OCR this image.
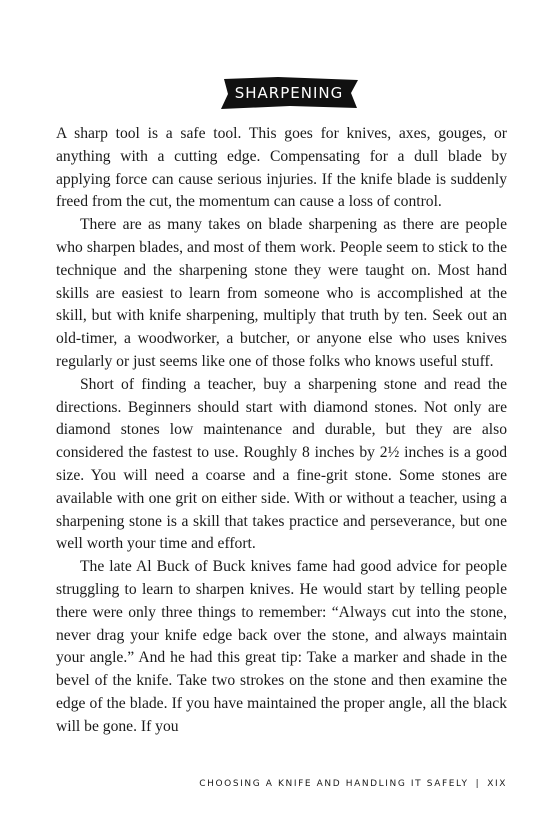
SHARPENING

A sharp tool is a safe tool. This goes for knives, axes, gouges, or anything with a cutting edge. Compensating for a dull blade by applying force can cause serious injuries. If the knife blade is suddenly freed from the cut, the momentum can cause a loss of control.

There are as many takes on blade sharpening as there are people who sharpen blades, and most of them work. People seem to stick to the technique and the sharpening stone they were taught on. Most hand skills are easiest to learn from someone who is accomplished at the skill, but with knife sharpening, multiply that truth by ten. Seek out an old-timer, a woodworker, a butcher, or anyone else who uses knives regularly or just seems like one of those folks who knows useful stuff.

Short of finding a teacher, buy a sharpening stone and read the directions. Beginners should start with diamond stones. Not only are diamond stones low maintenance and durable, but they are also considered the fastest to use. Roughly 8 inches by 2½ inches is a good size. You will need a coarse and a fine-grit stone. Some stones are available with one grit on either side. With or without a teacher, using a sharpening stone is a skill that takes practice and perseverance, but one well worth your time and effort.

The late Al Buck of Buck knives fame had good advice for people struggling to learn to sharpen knives. He would start by telling people there were only three things to remember: “Always cut into the stone, never drag your knife edge back over the stone, and always maintain your angle.” And he had this great tip: Take a marker and shade in the bevel of the knife. Take two strokes on the stone and then examine the edge of the blade. If you have maintained the proper angle, all the black will be gone. If you

CHOOSING A KNIFE AND HANDLING IT SAFELY | XIX
